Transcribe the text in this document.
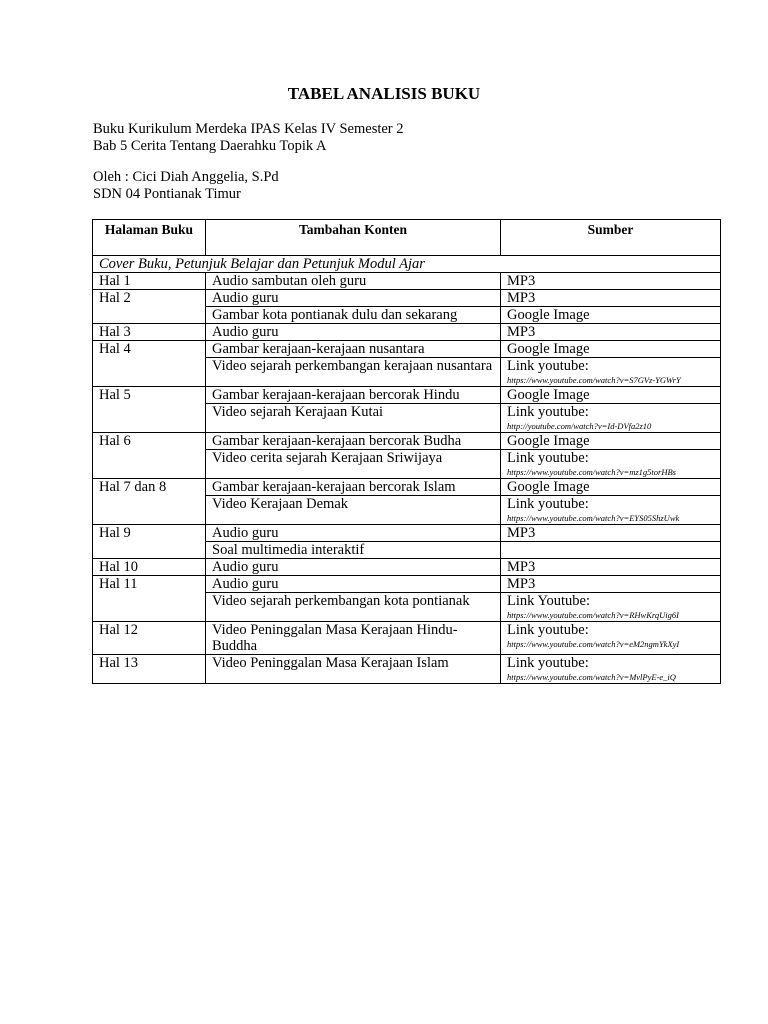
TABEL ANALISIS BUKU
Buku Kurikulum Merdeka IPAS Kelas IV Semester 2
Bab 5 Cerita Tentang Daerahku Topik A
Oleh : Cici Diah Anggelia, S.Pd
SDN 04 Pontianak Timur
Halaman Buku	Tambahan Konten	Sumber
Cover Buku, Petunjuk Belajar dan Petunjuk Modul Ajar		
Hal 1	Audio sambutan oleh guru	MP3
Hal 2	Audio guru	MP3
	Gambar kota pontianak dulu dan sekarang	Google Image
Hal 3	Audio guru	MP3
Hal 4	Gambar kerajaan-kerajaan nusantara	Google Image
	Video sejarah perkembangan kerajaan nusantara	Link youtube:
https://www.youtube.com/watch?v=S7GVz-YGWrY

Hal 5	Gambar kerajaan-kerajaan bercorak Hindu	Google Image
	Video sejarah Kerajaan Kutai	Link youtube:
http://youtube.com/watch?v=Id-DVfa2z10

Hal 6	Gambar kerajaan-kerajaan bercorak Budha	Google Image
	Video cerita sejarah Kerajaan Sriwijaya	Link youtube:
https://www.youtube.com/watch?v=mz1g5torHBs

Hal 7 dan 8	Gambar kerajaan-kerajaan bercorak Islam	Google Image
	Video Kerajaan Demak	Link youtube:
https://www.youtube.com/watch?v=EYS05ShzUwk

Hal 9	Audio guru	MP3
	Soal multimedia interaktif	
Hal 10	Audio guru	MP3
Hal 11	Audio guru	MP3
	Video sejarah perkembangan kota pontianak	Link Youtube:
https://www.youtube.com/watch?v=RHwKrqUig6I

Hal 12	Video Peninggalan Masa Kerajaan Hindu-Buddha	Link youtube:
https://www.youtube.com/watch?v=eM2ngmYkXyI

Hal 13	Video Peninggalan Masa Kerajaan Islam	Link youtube:
https://www.youtube.com/watch?v=MvlPyE-e_iQ
